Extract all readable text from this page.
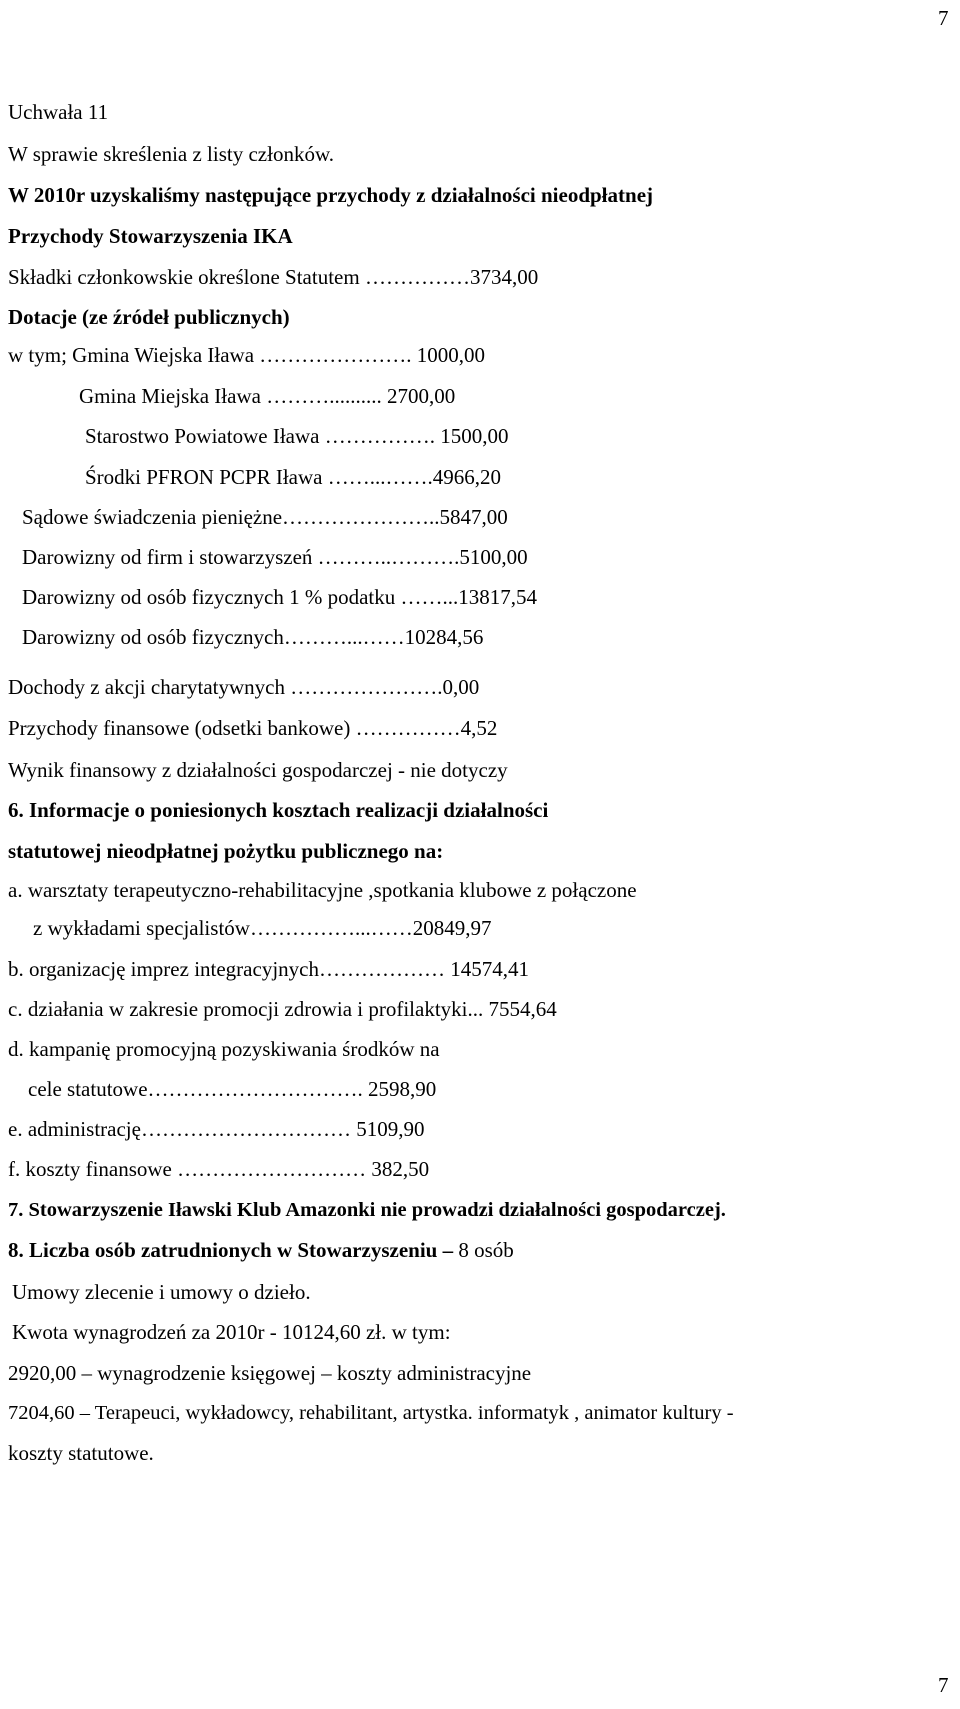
7
Uchwała 11
W sprawie skreślenia z listy członków.
W 2010r uzyskaliśmy następujące przychody z działalności nieodpłatnej
Przychody Stowarzyszenia IKA
Składki członkowskie określone Statutem ……………3734,00
Dotacje (ze źródeł publicznych)
w tym; Gmina Wiejska Iława …………………. 1000,00
Gmina Miejska Iława ……….......... 2700,00
Starostwo Powiatowe Iława ……………. 1500,00
Środki PFRON PCPR Iława ……...…….4966,20
Sądowe świadczenia pieniężne…………………..5847,00
Darowizny od firm i stowarzyszeń ………..……….5100,00
Darowizny od osób fizycznych 1 % podatku ……...13817,54
Darowizny od osób fizycznych………...……10284,56
Dochody z akcji charytatywnych ………………….0,00
Przychody finansowe (odsetki bankowe) ……………4,52
Wynik finansowy z działalności gospodarczej - nie dotyczy
6. Informacje o poniesionych kosztach realizacji działalności
statutowej nieodpłatnej pożytku publicznego na:
a. warsztaty terapeutyczno-rehabilitacyjne ,spotkania klubowe z połączone
z wykładami specjalistów……………...……20849,97
b. organizację imprez integracyjnych……………… 14574,41
c. działania w zakresie promocji zdrowia i profilaktyki... 7554,64
d. kampanię promocyjną pozyskiwania środków na
cele statutowe…………………………. 2598,90
e. administrację………………………… 5109,90
f. koszty finansowe ……………………… 382,50
7. Stowarzyszenie Iławski Klub Amazonki nie prowadzi działalności gospodarczej.
8. Liczba osób zatrudnionych w Stowarzyszeniu – 8 osób
Umowy zlecenie i umowy o dzieło.
Kwota wynagrodzeń za 2010r - 10124,60 zł. w tym:
2920,00 – wynagrodzenie księgowej – koszty administracyjne
7204,60 – Terapeuci, wykładowcy, rehabilitant, artystka. informatyk , animator kultury -
koszty statutowe.
7
